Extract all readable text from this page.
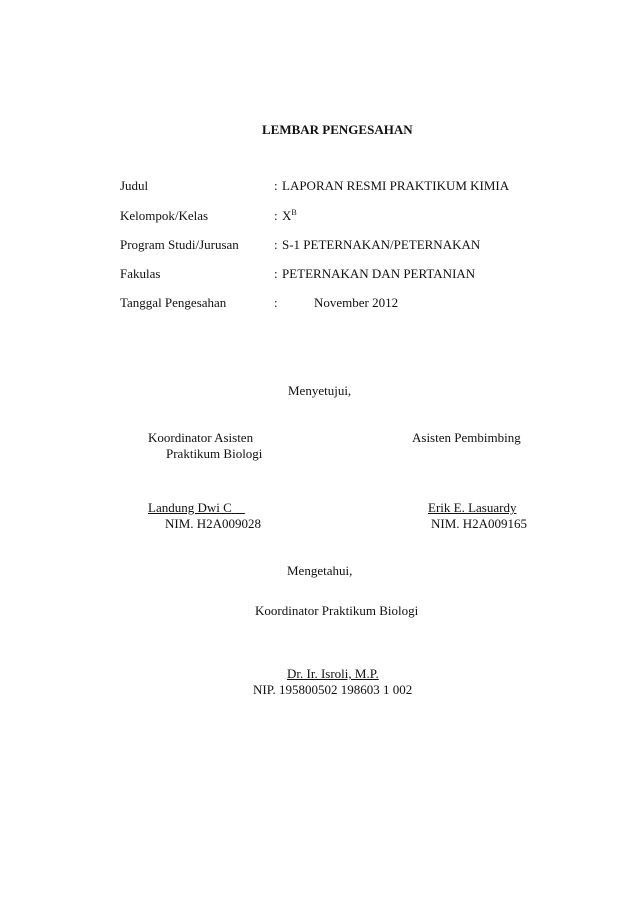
LEMBAR PENGESAHAN
Judul	: LAPORAN RESMI PRAKTIKUM KIMIA
Kelompok/Kelas	: $X^B$
Program Studi/Jurusan	: S-1 PETERNAKAN/PETERNAKAN
Fakulas	: PETERNAKAN DAN PERTANIAN
Tanggal Pengesahan	:	November 2012
Menyetujui,
Koordinator Asisten
Praktikum Biologi
Asisten Pembimbing
Landung Dwi C
NIM. H2A009028
Erik E. Lasuardy
NIM. H2A009165
Mengetahui,
Koordinator Praktikum Biologi
Dr. Ir. Isroli, M.P.
NIP. 195800502 198603 1 002
